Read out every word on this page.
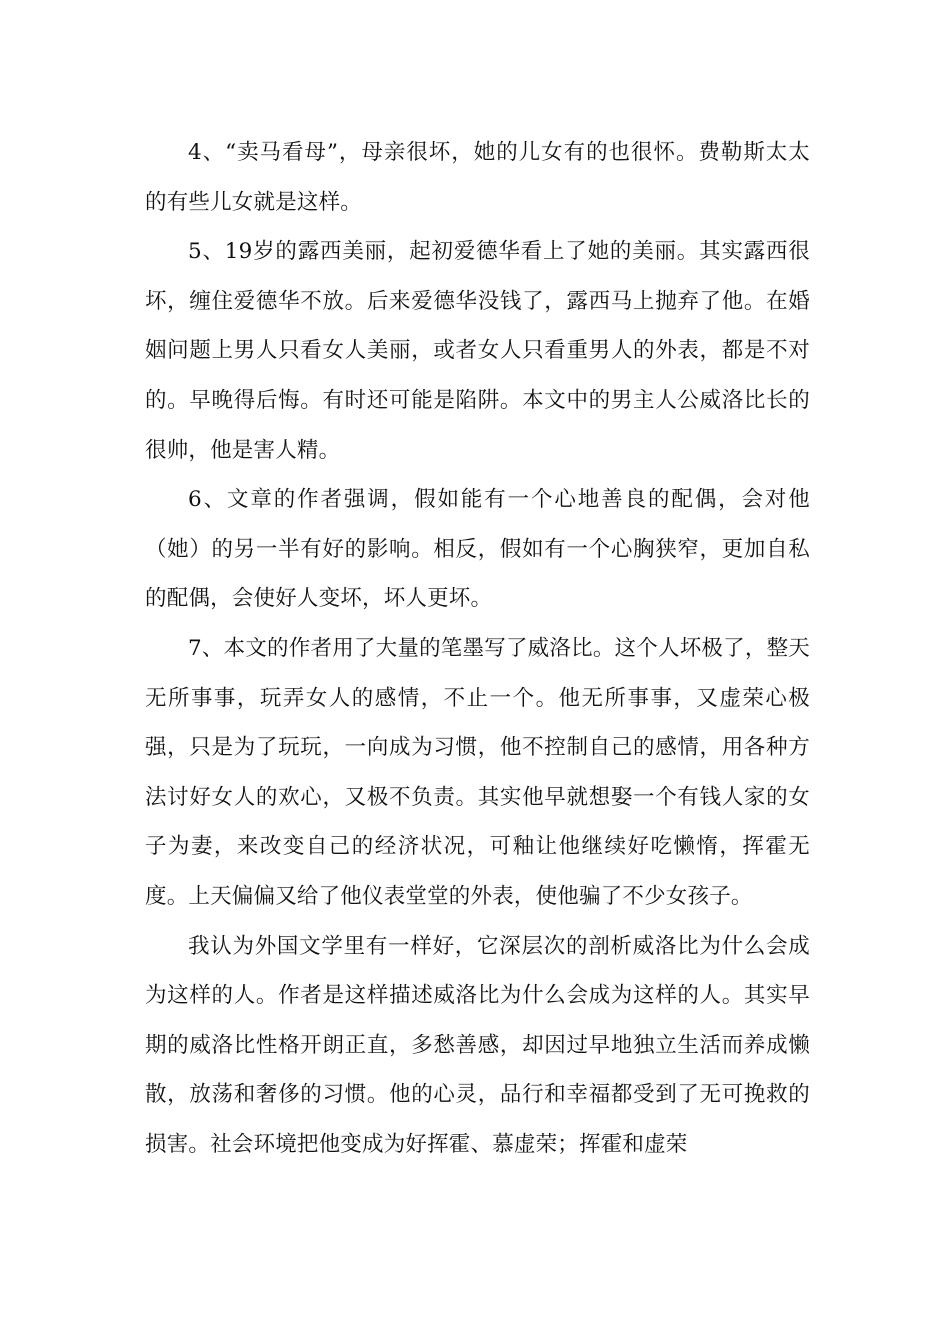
4、“卖马看母”，母亲很坏，她的儿女有的也很怀。费勒斯太太的有些儿女就是这样。

5、19岁的露西美丽，起初爱德华看上了她的美丽。其实露西很坏，缠住爱德华不放。后来爱德华没钱了，露西马上抛弃了他。在婚姻问题上男人只看女人美丽，或者女人只看重男人的外表，都是不对的。早晚得后悔。有时还可能是陷阱。本文中的男主人公威洛比长的很帅，他是害人精。

6、文章的作者强调，假如能有一个心地善良的配偶，会对他（她）的另一半有好的影响。相反，假如有一个心胸狭窄，更加自私的配偶，会使好人变坏，坏人更坏。

7、本文的作者用了大量的笔墨写了威洛比。这个人坏极了，整天无所事事，玩弄女人的感情，不止一个。他无所事事，又虚荣心极强，只是为了玩玩，一向成为习惯，他不控制自己的感情，用各种方法讨好女人的欢心，又极不负责。其实他早就想娶一个有钱人家的女子为妻，来改变自己的经济状况，可釉让他继续好吃懒惰，挥霍无度。上天偏偏又给了他仪表堂堂的外表，使他骗了不少女孩子。

我认为外国文学里有一样好，它深层次的剖析威洛比为什么会成为这样的人。作者是这样描述威洛比为什么会成为这样的人。其实早期的威洛比性格开朗正直，多愁善感，却因过早地独立生活而养成懒散，放荡和奢侈的习惯。他的心灵，品行和幸福都受到了无可挽救的损害。社会环境把他变成为好挥霍、慕虚荣；挥霍和虚荣
